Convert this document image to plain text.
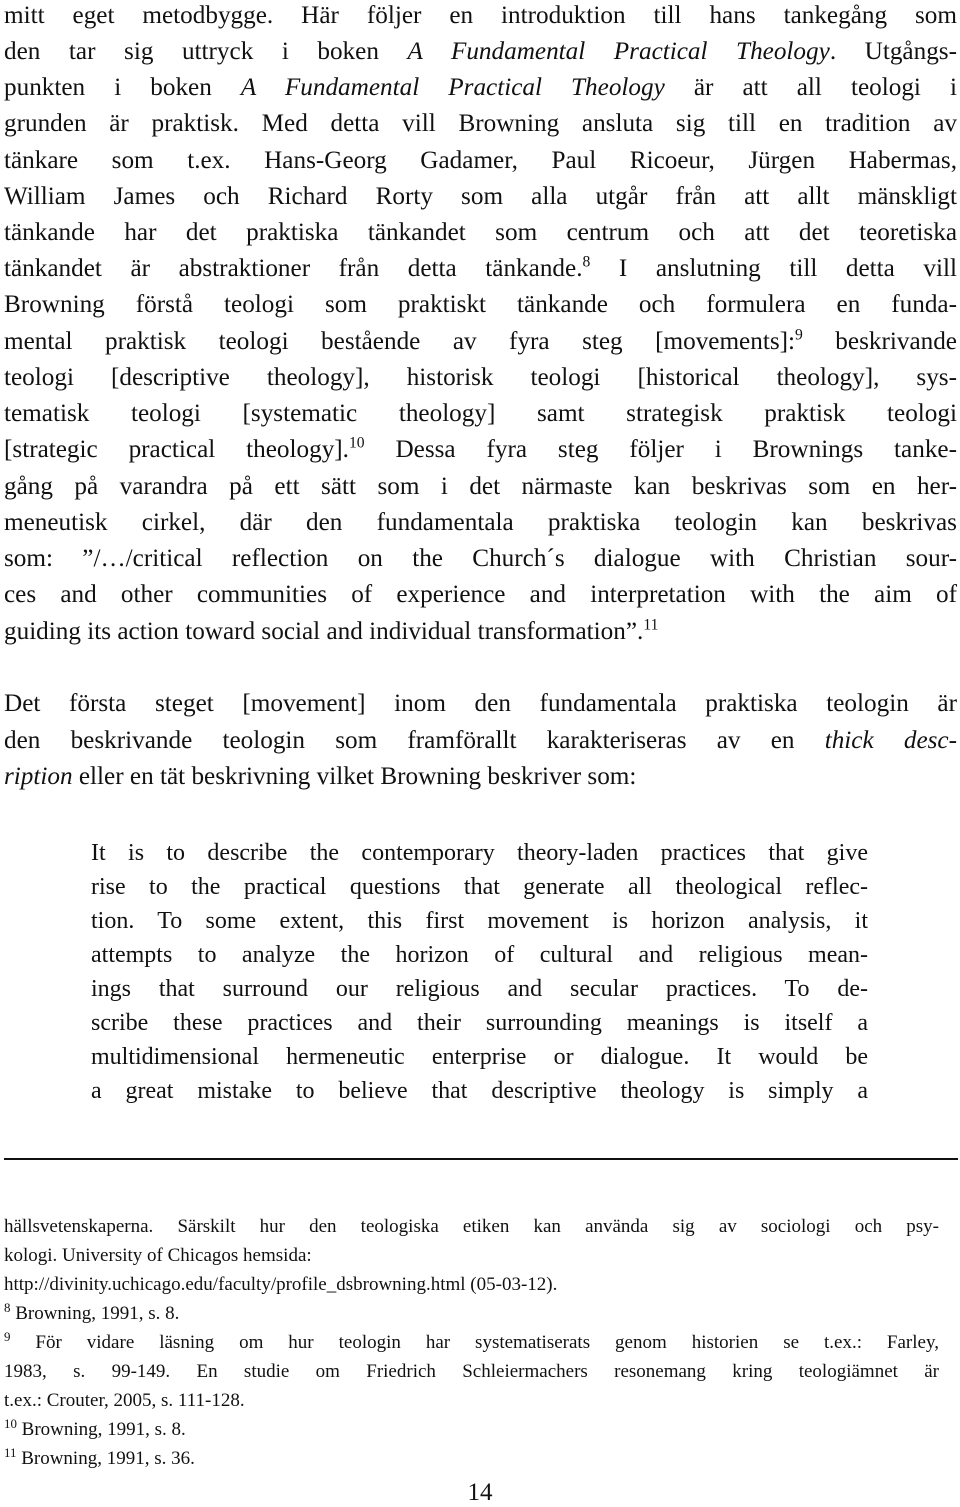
mitt eget metodbygge. Här följer en introduktion till hans tankegång som
den tar sig uttryck i boken A Fundamental Practical Theology. Utgångs-
punkten i boken A Fundamental Practical Theology är att all teologi i
grunden är praktisk. Med detta vill Browning ansluta sig till en tradition av
tänkare som t.ex. Hans-Georg Gadamer, Paul Ricoeur, Jürgen Habermas,
William James och Richard Rorty som alla utgår från att allt mänskligt
tänkande har det praktiska tänkandet som centrum och att det teoretiska
tänkandet är abstraktioner från detta tänkande.$^8$ I anslutning till detta vill
Browning förstå teologi som praktiskt tänkande och formulera en funda-
mental praktisk teologi bestående av fyra steg [movements]:$^9$ beskrivande
teologi [descriptive theology], historisk teologi [historical theology], sys-
tematisk teologi [systematic theology] samt strategisk praktisk teologi
[strategic practical theology].$^{10}$ Dessa fyra steg följer i Brownings tanke-
gång på varandra på ett sätt som i det närmaste kan beskrivas som en her-
meneutisk cirkel, där den fundamentala praktiska teologin kan beskrivas
som: ”/…/critical reflection on the Church´s dialogue with Christian sour-
ces and other communities of experience and interpretation with the aim of
guiding its action toward social and individual transformation”.$^{11}$
Det första steget [movement] inom den fundamentala praktiska teologin är
den beskrivande teologin som framförallt karakteriseras av en thick desc-
ription eller en tät beskrivning vilket Browning beskriver som:
It is to describe the contemporary theory-laden practices that give
rise to the practical questions that generate all theological reflec-
tion. To some extent, this first movement is horizon analysis, it
attempts to analyze the horizon of cultural and religious mean-
ings that surround our religious and secular practices. To de-
scribe these practices and their surrounding meanings is itself a
multidimensional hermeneutic enterprise or dialogue. It would be
a great mistake to believe that descriptive theology is simply a
hällsvetenskaperna. Särskilt hur den teologiska etiken kan använda sig av sociologi och psy-
kologi. University of Chicagos hemsida:
http://divinity.uchicago.edu/faculty/profile_dsbrowning.html (05-03-12).
$^8$ Browning, 1991, s. 8.
$^9$ För vidare läsning om hur teologin har systematiserats genom historien se t.ex.: Farley,
1983, s. 99-149. En studie om Friedrich Schleiermachers resonemang kring teologiämnet är
t.ex.: Crouter, 2005, s. 111-128.
$^{10}$ Browning, 1991, s. 8.
$^{11}$ Browning, 1991, s. 36.
14
